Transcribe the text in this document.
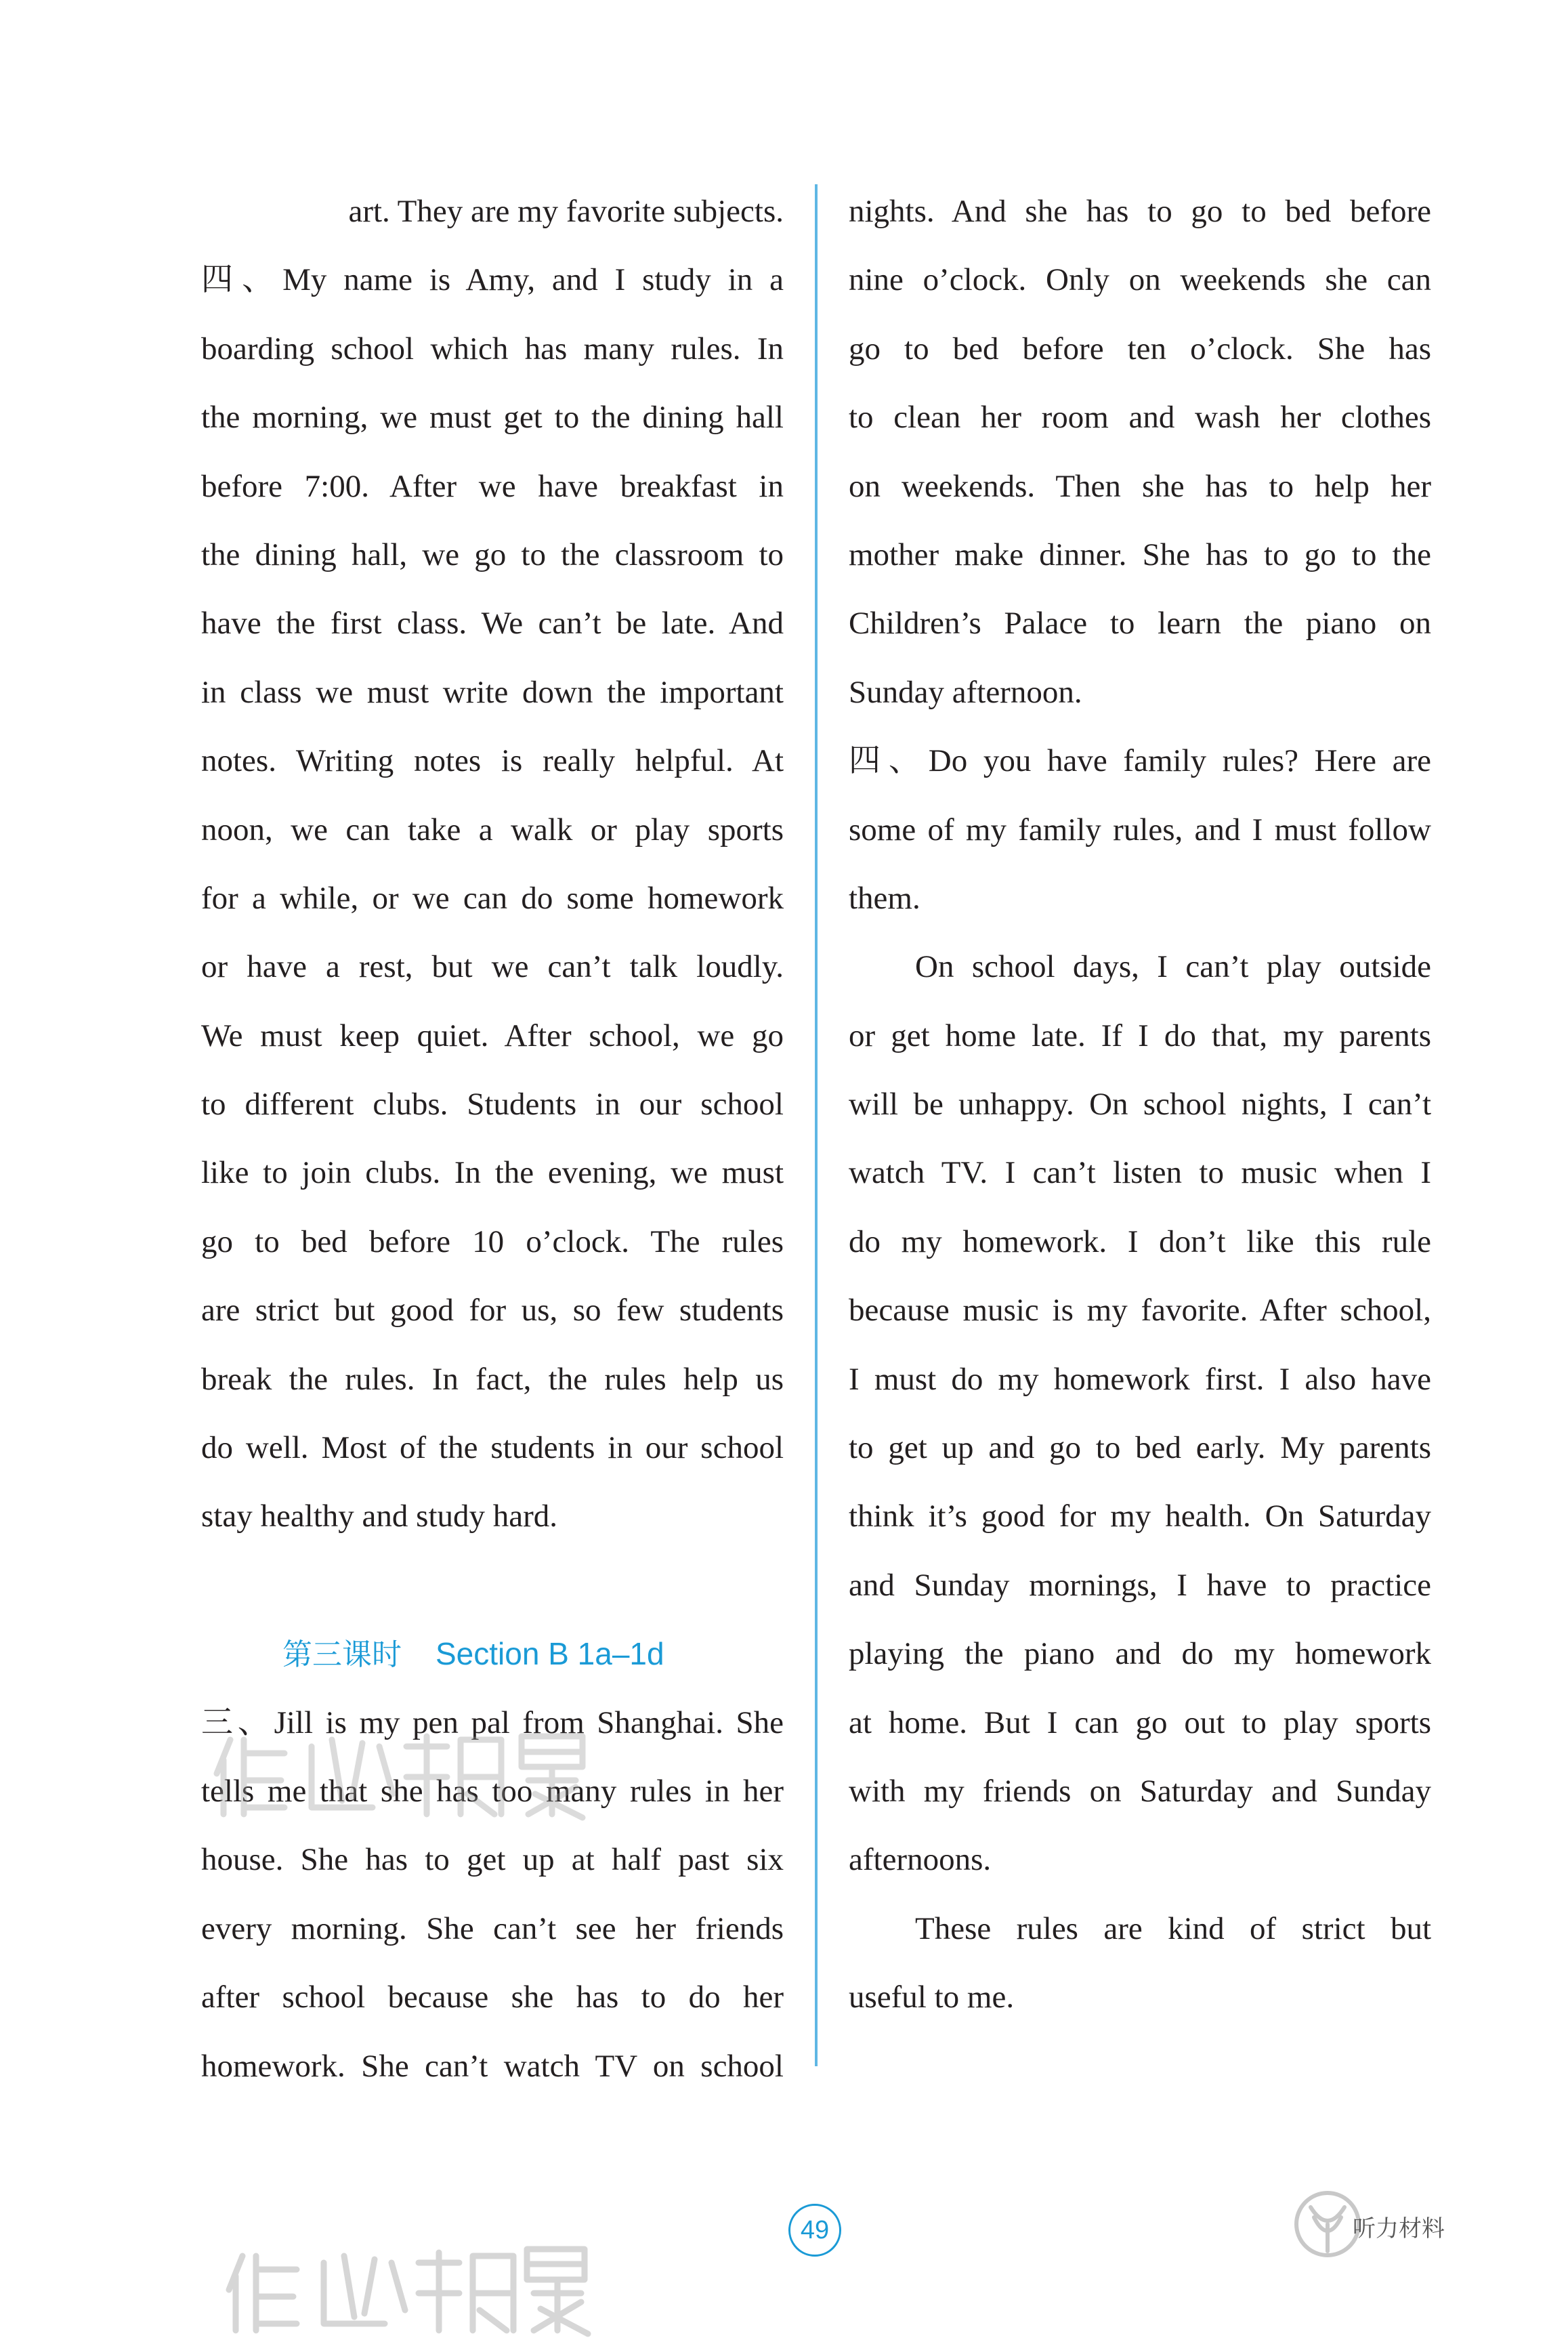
art. They are my favorite subjects.
四、My name is Amy, and I study in a
boarding school which has many rules. In
the morning, we must get to the dining hall
before 7:00. After we have breakfast in
the dining hall, we go to the classroom to
have the first class. We can’t be late. And
in class we must write down the important
notes. Writing notes is really helpful. At
noon, we can take a walk or play sports
for a while, or we can do some homework
or have a rest, but we can’t talk loudly.
We must keep quiet. After school, we go
to different clubs. Students in our school
like to join clubs. In the evening, we must
go to bed before 10 o’clock. The rules
are strict but good for us, so few students
break the rules. In fact, the rules help us
do well. Most of the students in our school
stay healthy and study hard.
第三课时 Section B 1a–1d
三、Jill is my pen pal from Shanghai. She
tells me that she has too many rules in her
house. She has to get up at half past six
every morning. She can’t see her friends
after school because she has to do her
homework. She can’t watch TV on school
nights. And she has to go to bed before
nine o’clock. Only on weekends she can
go to bed before ten o’clock. She has
to clean her room and wash her clothes
on weekends. Then she has to help her
mother make dinner. She has to go to the
Children’s Palace to learn the piano on
Sunday afternoon.
四、Do you have family rules? Here are
some of my family rules, and I must follow
them.
On school days, I can’t play outside
or get home late. If I do that, my parents
will be unhappy. On school nights, I can’t
watch TV. I can’t listen to music when I
do my homework. I don’t like this rule
because music is my favorite. After school,
I must do my homework first. I also have
to get up and go to bed early. My parents
think it’s good for my health. On Saturday
and Sunday mornings, I have to practice
playing the piano and do my homework
at home. But I can go out to play sports
with my friends on Saturday and Sunday
afternoons.
These rules are kind of strict but
useful to me.
49	听力材料
